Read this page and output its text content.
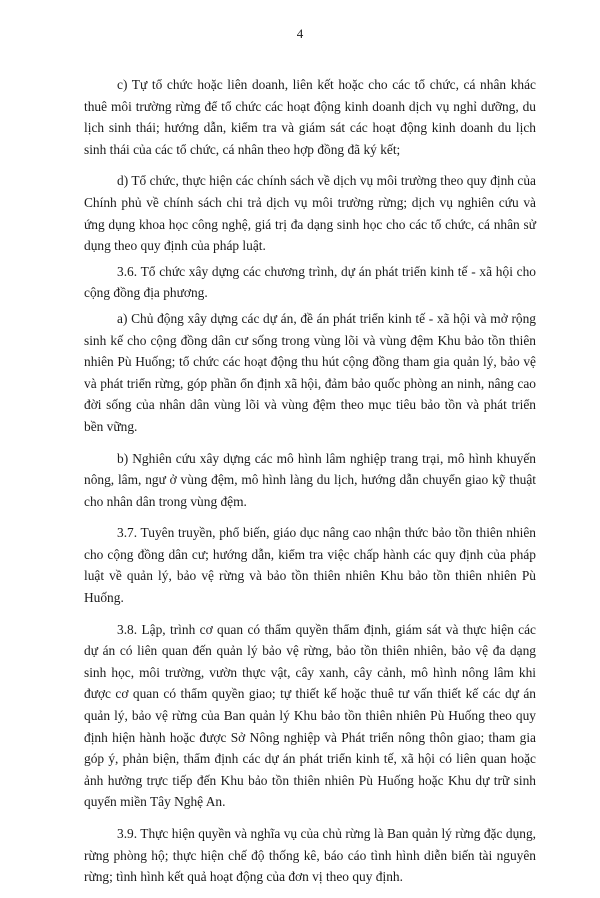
4

c) Tự tổ chức hoặc liên doanh, liên kết hoặc cho các tổ chức, cá nhân khác thuê môi trường rừng để tổ chức các hoạt động kinh doanh dịch vụ nghỉ dưỡng, du lịch sinh thái; hướng dẫn, kiểm tra và giám sát các hoạt động kinh doanh du lịch sinh thái của các tổ chức, cá nhân theo hợp đồng đã ký kết;

d) Tổ chức, thực hiện các chính sách về dịch vụ môi trường theo quy định của Chính phủ về chính sách chi trả dịch vụ môi trường rừng; dịch vụ nghiên cứu và ứng dụng khoa học công nghệ, giá trị đa dạng sinh học cho các tổ chức, cá nhân sử dụng theo quy định của pháp luật.

3.6. Tổ chức xây dựng các chương trình, dự án phát triển kinh tế - xã hội cho cộng đồng địa phương.

a) Chủ động xây dựng các dự án, đề án phát triển kinh tế - xã hội và mở rộng sinh kế cho cộng đồng dân cư sống trong vùng lõi và vùng đệm Khu bảo tồn thiên nhiên Pù Huống; tổ chức các hoạt động thu hút cộng đồng tham gia quản lý, bảo vệ và phát triển rừng, góp phần ổn định xã hội, đảm bảo quốc phòng an ninh, nâng cao đời sống của nhân dân vùng lõi và vùng đệm theo mục tiêu bảo tồn và phát triển bền vững.

b) Nghiên cứu xây dựng các mô hình lâm nghiệp trang trại, mô hình khuyến nông, lâm, ngư ở vùng đệm, mô hình làng du lịch, hướng dẫn chuyển giao kỹ thuật cho nhân dân trong vùng đệm.

3.7. Tuyên truyền, phổ biến, giáo dục nâng cao nhận thức bảo tồn thiên nhiên cho cộng đồng dân cư; hướng dẫn, kiểm tra việc chấp hành các quy định của pháp luật về quản lý, bảo vệ rừng và bảo tồn thiên nhiên Khu bảo tồn thiên nhiên Pù Huống.

3.8. Lập, trình cơ quan có thẩm quyền thẩm định, giám sát và thực hiện các dự án có liên quan đến quản lý bảo vệ rừng, bảo tồn thiên nhiên, bảo vệ đa dạng sinh học, môi trường, vườn thực vật, cây xanh, cây cảnh, mô hình nông lâm khi được cơ quan có thẩm quyền giao; tự thiết kế hoặc thuê tư vấn thiết kế các dự án quản lý, bảo vệ rừng của Ban quản lý Khu bảo tồn thiên nhiên Pù Huống theo quy định hiện hành hoặc được Sở Nông nghiệp và Phát triển nông thôn giao; tham gia góp ý, phản biện, thẩm định các dự án phát triển kinh tế, xã hội có liên quan hoặc ảnh hưởng trực tiếp đến Khu bảo tồn thiên nhiên Pù Huống hoặc Khu dự trữ sinh quyển miền Tây Nghệ An.

3.9. Thực hiện quyền và nghĩa vụ của chủ rừng là Ban quản lý rừng đặc dụng, rừng phòng hộ; thực hiện chế độ thống kê, báo cáo tình hình diễn biến tài nguyên rừng; tình hình kết quả hoạt động của đơn vị theo quy định.
